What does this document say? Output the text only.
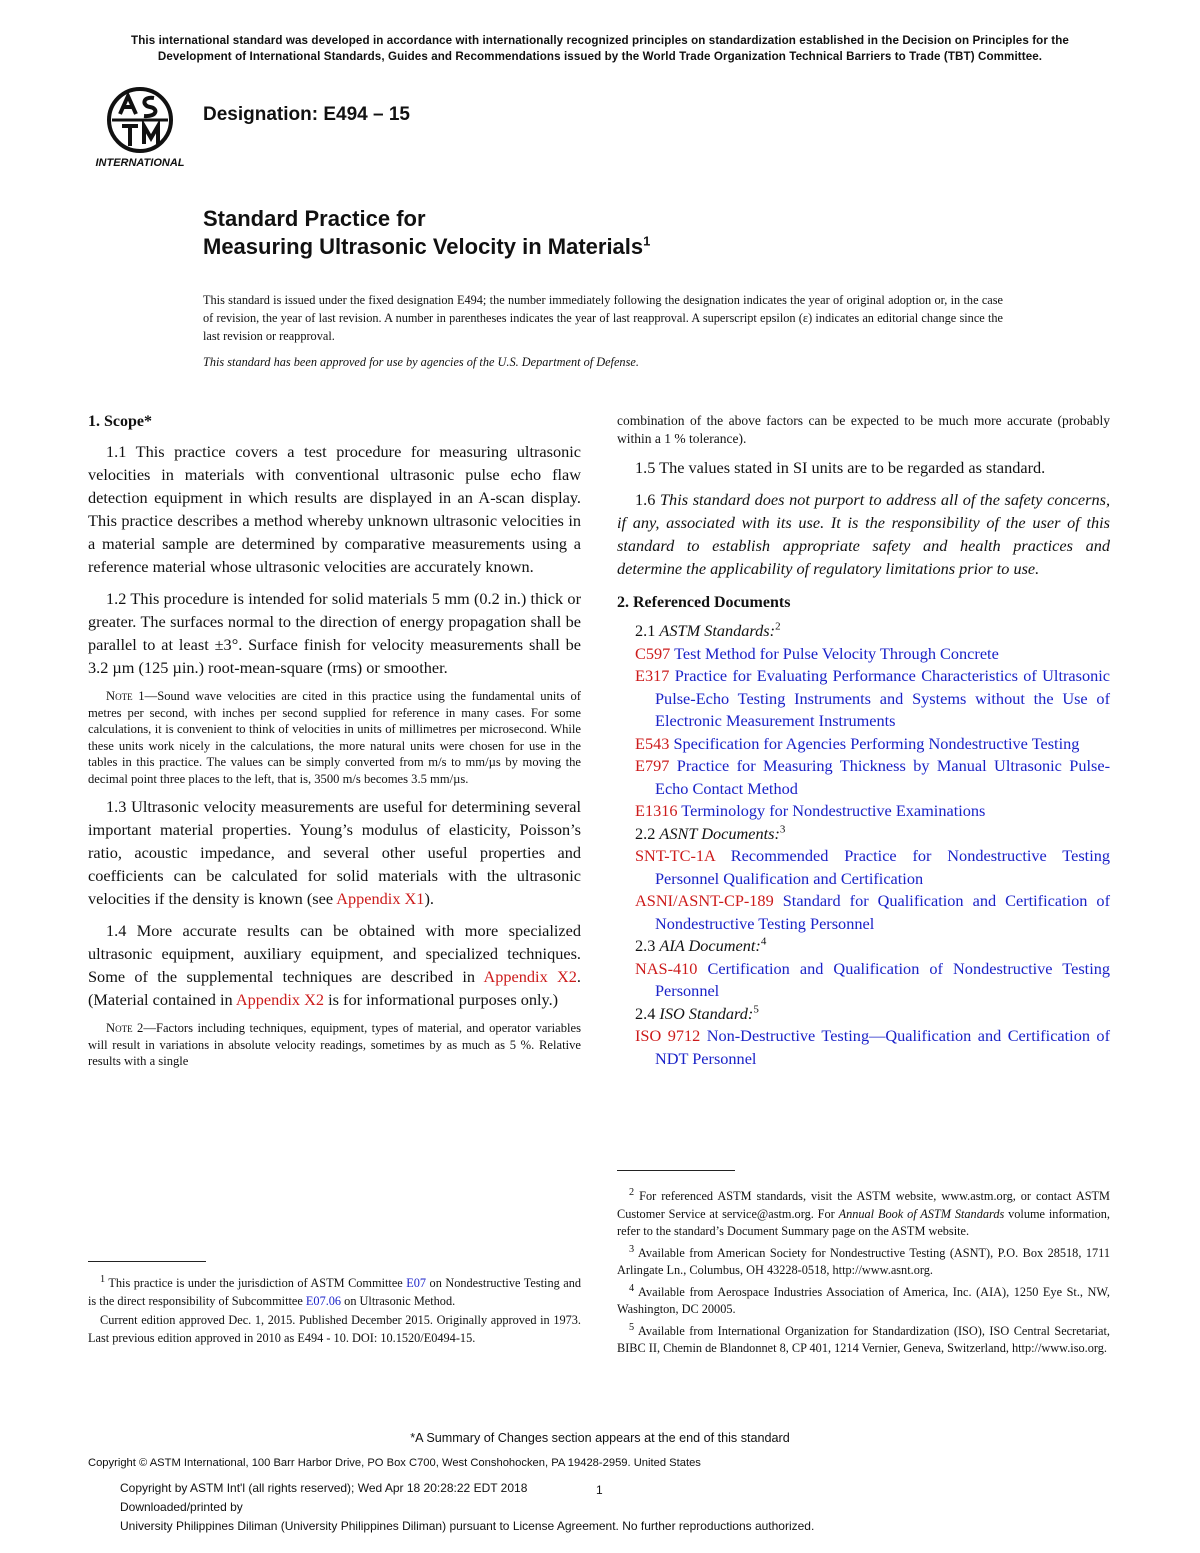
This international standard was developed in accordance with internationally recognized principles on standardization established in the Decision on Principles for the
Development of International Standards, Guides and Recommendations issued by the World Trade Organization Technical Barriers to Trade (TBT) Committee.
INTERNATIONAL
Designation: E494 – 15
Standard Practice for
Measuring Ultrasonic Velocity in Materials$^1$
This standard is issued under the fixed designation E494; the number immediately following the designation indicates the year of original adoption or, in the case of revision, the year of last revision. A number in parentheses indicates the year of last reapproval. A superscript epsilon (ε) indicates an editorial change since the last revision or reapproval.
This standard has been approved for use by agencies of the U.S. Department of Defense.
1. Scope*

1.1 This practice covers a test procedure for measuring ultrasonic velocities in materials with conventional ultrasonic pulse echo flaw detection equipment in which results are displayed in an A-scan display. This practice describes a method whereby unknown ultrasonic velocities in a material sample are determined by comparative measurements using a reference material whose ultrasonic velocities are accurately known.

1.2 This procedure is intended for solid materials 5 mm (0.2 in.) thick or greater. The surfaces normal to the direction of energy propagation shall be parallel to at least ±3°. Surface finish for velocity measurements shall be 3.2 µm (125 µin.) root-mean-square (rms) or smoother.

Note 1—Sound wave velocities are cited in this practice using the fundamental units of metres per second, with inches per second supplied for reference in many cases. For some calculations, it is convenient to think of velocities in units of millimetres per microsecond. While these units work nicely in the calculations, the more natural units were chosen for use in the tables in this practice. The values can be simply converted from m/s to mm/µs by moving the decimal point three places to the left, that is, 3500 m/s becomes 3.5 mm/µs.

1.3 Ultrasonic velocity measurements are useful for determining several important material properties. Young’s modulus of elasticity, Poisson’s ratio, acoustic impedance, and several other useful properties and coefficients can be calculated for solid materials with the ultrasonic velocities if the density is known (see Appendix X1).

1.4 More accurate results can be obtained with more specialized ultrasonic equipment, auxiliary equipment, and specialized techniques. Some of the supplemental techniques are described in Appendix X2. (Material contained in Appendix X2 is for informational purposes only.)

Note 2—Factors including techniques, equipment, types of material, and operator variables will result in variations in absolute velocity readings, sometimes by as much as 5 %. Relative results with a single

$^1$ This practice is under the jurisdiction of ASTM Committee E07 on Nondestructive Testing and is the direct responsibility of Subcommittee E07.06 on Ultrasonic Method.

Current edition approved Dec. 1, 2015. Published December 2015. Originally approved in 1973. Last previous edition approved in 2010 as E494 - 10. DOI: 10.1520/E0494-15.

combination of the above factors can be expected to be much more accurate (probably within a 1 % tolerance).

1.5 The values stated in SI units are to be regarded as standard.

1.6 This standard does not purport to address all of the safety concerns, if any, associated with its use. It is the responsibility of the user of this standard to establish appropriate safety and health practices and determine the applicability of regulatory limitations prior to use.

2. Referenced Documents
2.1 ASTM Standards:$^2$
C597 Test Method for Pulse Velocity Through Concrete
E317 Practice for Evaluating Performance Characteristics of Ultrasonic Pulse-Echo Testing Instruments and Systems without the Use of Electronic Measurement Instruments
E543 Specification for Agencies Performing Nondestructive Testing
E797 Practice for Measuring Thickness by Manual Ultrasonic Pulse-Echo Contact Method
E1316 Terminology for Nondestructive Examinations
2.2 ASNT Documents:$^3$
SNT-TC-1A Recommended Practice for Nondestructive Testing Personnel Qualification and Certification
ASNI/ASNT-CP-189 Standard for Qualification and Certification of Nondestructive Testing Personnel
2.3 AIA Document:$^4$
NAS-410 Certification and Qualification of Nondestructive Testing Personnel
2.4 ISO Standard:$^5$
ISO 9712 Non-Destructive Testing—Qualification and Certification of NDT Personnel

$^2$ For referenced ASTM standards, visit the ASTM website, www.astm.org, or contact ASTM Customer Service at service@astm.org. For Annual Book of ASTM Standards volume information, refer to the standard’s Document Summary page on the ASTM website.

$^3$ Available from American Society for Nondestructive Testing (ASNT), P.O. Box 28518, 1711 Arlingate Ln., Columbus, OH 43228-0518, http://www.asnt.org.

$^4$ Available from Aerospace Industries Association of America, Inc. (AIA), 1250 Eye St., NW, Washington, DC 20005.

$^5$ Available from International Organization for Standardization (ISO), ISO Central Secretariat, BIBC II, Chemin de Blandonnet 8, CP 401, 1214 Vernier, Geneva, Switzerland, http://www.iso.org.

*A Summary of Changes section appears at the end of this standard
Copyright © ASTM International, 100 Barr Harbor Drive, PO Box C700, West Conshohocken, PA 19428-2959. United States
Copyright by ASTM Int'l (all rights reserved); Wed Apr 18 20:28:22 EDT 2018
Downloaded/printed by
University Philippines Diliman (University Philippines Diliman) pursuant to License Agreement. No further reproductions authorized.
1
